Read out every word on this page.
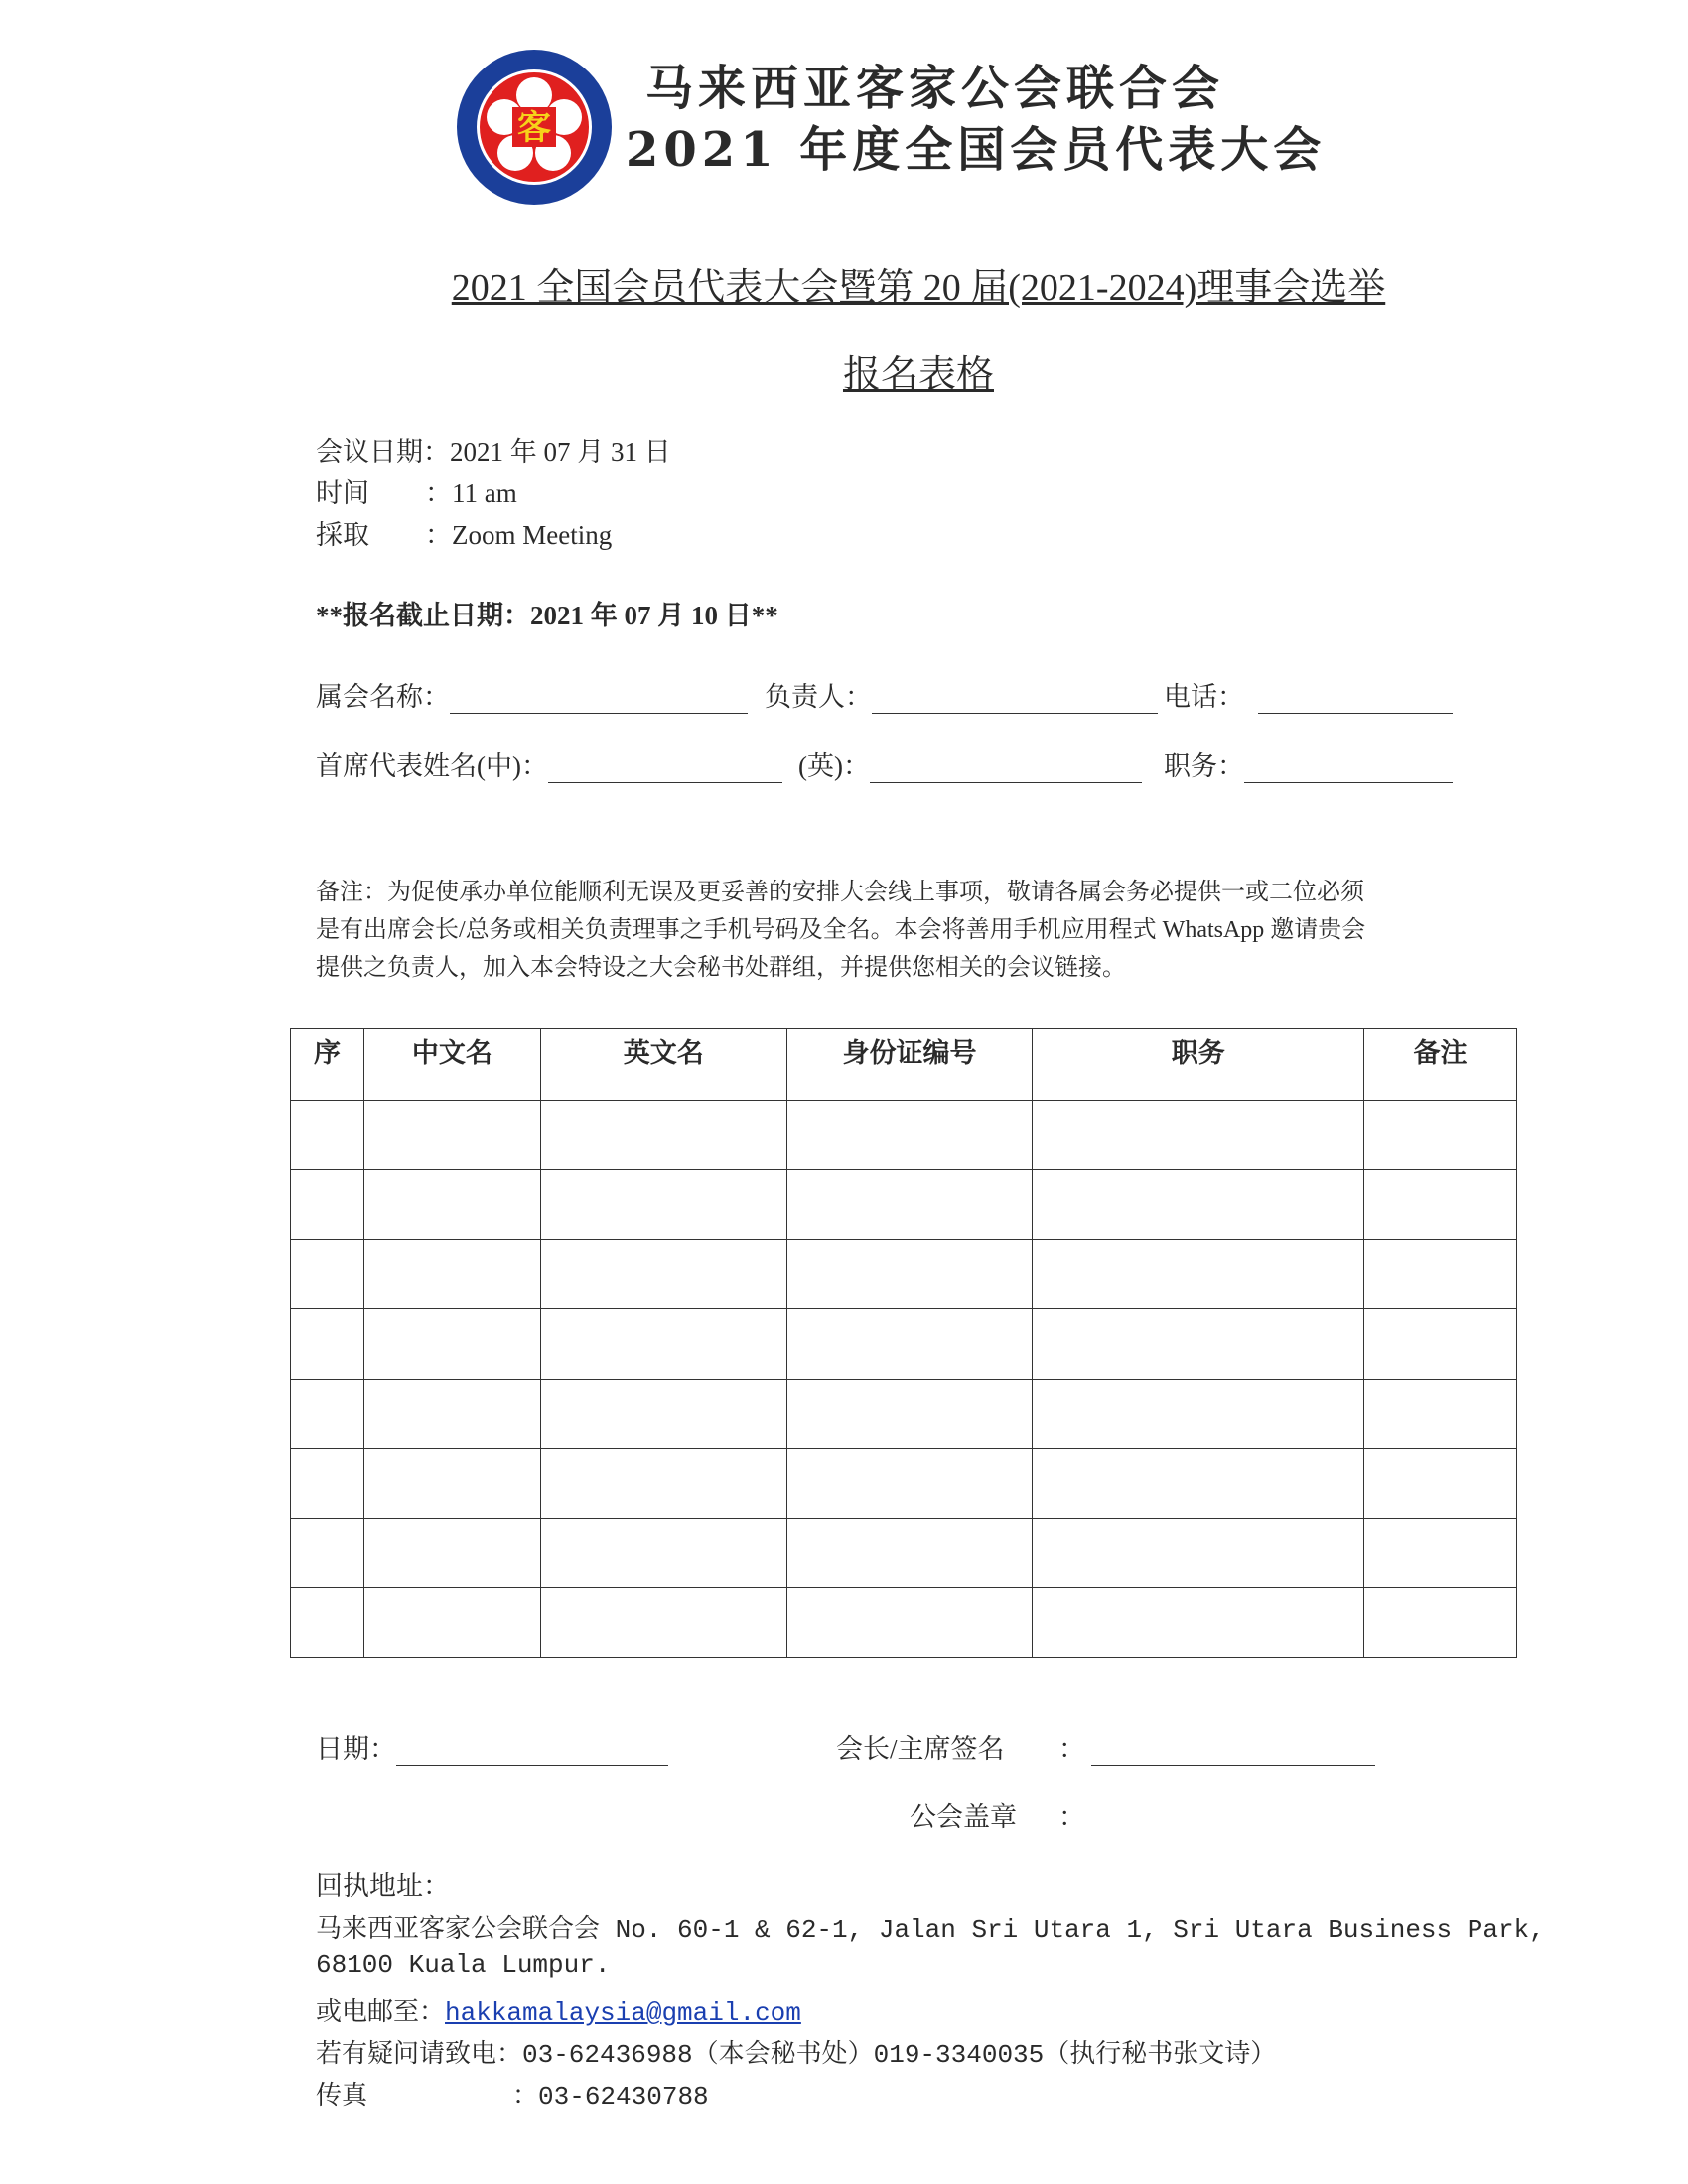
客
马来西亚客家公会联合会
2021 年度全国会员代表大会
2021 全国会员代表大会暨第 20 届(2021-2024)理事会选举
报名表格
会议日期：2021 年 07 月 31 日
时间 ：11 am
採取 ：Zoom Meeting
**报名截止日期：2021 年 07 月 10 日**
属会名称：	负责人：	电话：
首席代表姓名(中)：	(英)：	职务：
备注：为促使承办单位能顺利无误及更妥善的安排大会线上事项，敬请各属会务必提供一或二位必须
是有出席会长/总务或相关负责理事之手机号码及全名。本会将善用手机应用程式 WhatsApp 邀请贵会
提供之负责人，加入本会特设之大会秘书处群组，并提供您相关的会议链接。
序	中文名	英文名	身份证编号	职务	备注

日期：	会长/主席签名 ：
公会盖章 ：
回执地址：
马来西亚客家公会联合会 No. 60-1 & 62-1, Jalan Sri Utara 1, Sri Utara Business Park,
68100 Kuala Lumpur.
或电邮至：hakkamalaysia@gmail.com
若有疑问请致电：03-62436988（本会秘书处）019-3340035（执行秘书张文诗）
传真	：03-62430788
